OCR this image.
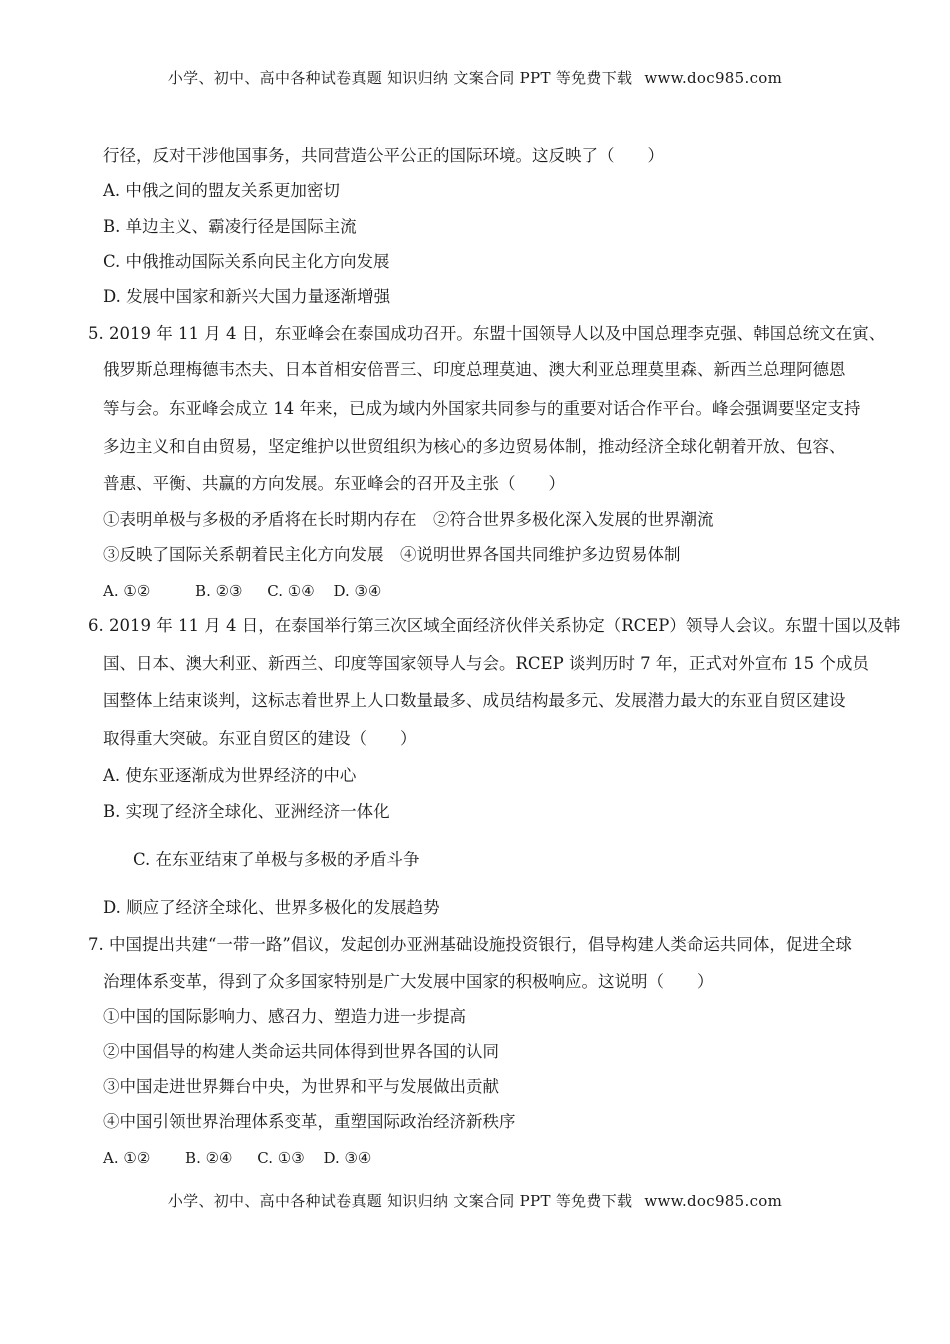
小学、初中、高中各种试卷真题 知识归纳 文案合同 PPT 等免费下载 www.doc985.com
行径，反对干涉他国事务，共同营造公平公正的国际环境。这反映了（　　）
A. 中俄之间的盟友关系更加密切
B. 单边主义、霸凌行径是国际主流
C. 中俄推动国际关系向民主化方向发展
D. 发展中国家和新兴大国力量逐渐增强
5. 2019 年 11 月 4 日，东亚峰会在泰国成功召开。东盟十国领导人以及中国总理李克强、韩国总统文在寅、
俄罗斯总理梅德韦杰夫、日本首相安倍晋三、印度总理莫迪、澳大利亚总理莫里森、新西兰总理阿德恩
等与会。东亚峰会成立 14 年来，已成为域内外国家共同参与的重要对话合作平台。峰会强调要坚定支持
多边主义和自由贸易，坚定维护以世贸组织为核心的多边贸易体制，推动经济全球化朝着开放、包容、
普惠、平衡、共赢的方向发展。东亚峰会的召开及主张（　　）
①表明单极与多极的矛盾将在长时期内存在　②符合世界多极化深入发展的世界潮流
③反映了国际关系朝着民主化方向发展　④说明世界各国共同维护多边贸易体制
A. ①②	B. ②③ C. ①④ D. ③④
6. 2019 年 11 月 4 日，在泰国举行第三次区域全面经济伙伴关系协定（RCEP）领导人会议。东盟十国以及韩
国、日本、澳大利亚、新西兰、印度等国家领导人与会。RCEP 谈判历时 7 年，正式对外宣布 15 个成员
国整体上结束谈判，这标志着世界上人口数量最多、成员结构最多元、发展潜力最大的东亚自贸区建设
取得重大突破。东亚自贸区的建设（　　）
A. 使东亚逐渐成为世界经济的中心
B. 实现了经济全球化、亚洲经济一体化
C. 在东亚结束了单极与多极的矛盾斗争
D. 顺应了经济全球化、世界多极化的发展趋势
7. 中国提出共建“一带一路”倡议，发起创办亚洲基础设施投资银行，倡导构建人类命运共同体，促进全球
治理体系变革，得到了众多国家特别是广大发展中国家的积极响应。这说明（　　）
①中国的国际影响力、感召力、塑造力进一步提高
②中国倡导的构建人类命运共同体得到世界各国的认同
③中国走进世界舞台中央，为世界和平与发展做出贡献
④中国引领世界治理体系变革，重塑国际政治经济新秩序
A. ①② B. ②④ C. ①③ D. ③④
小学、初中、高中各种试卷真题 知识归纳 文案合同 PPT 等免费下载 www.doc985.com
